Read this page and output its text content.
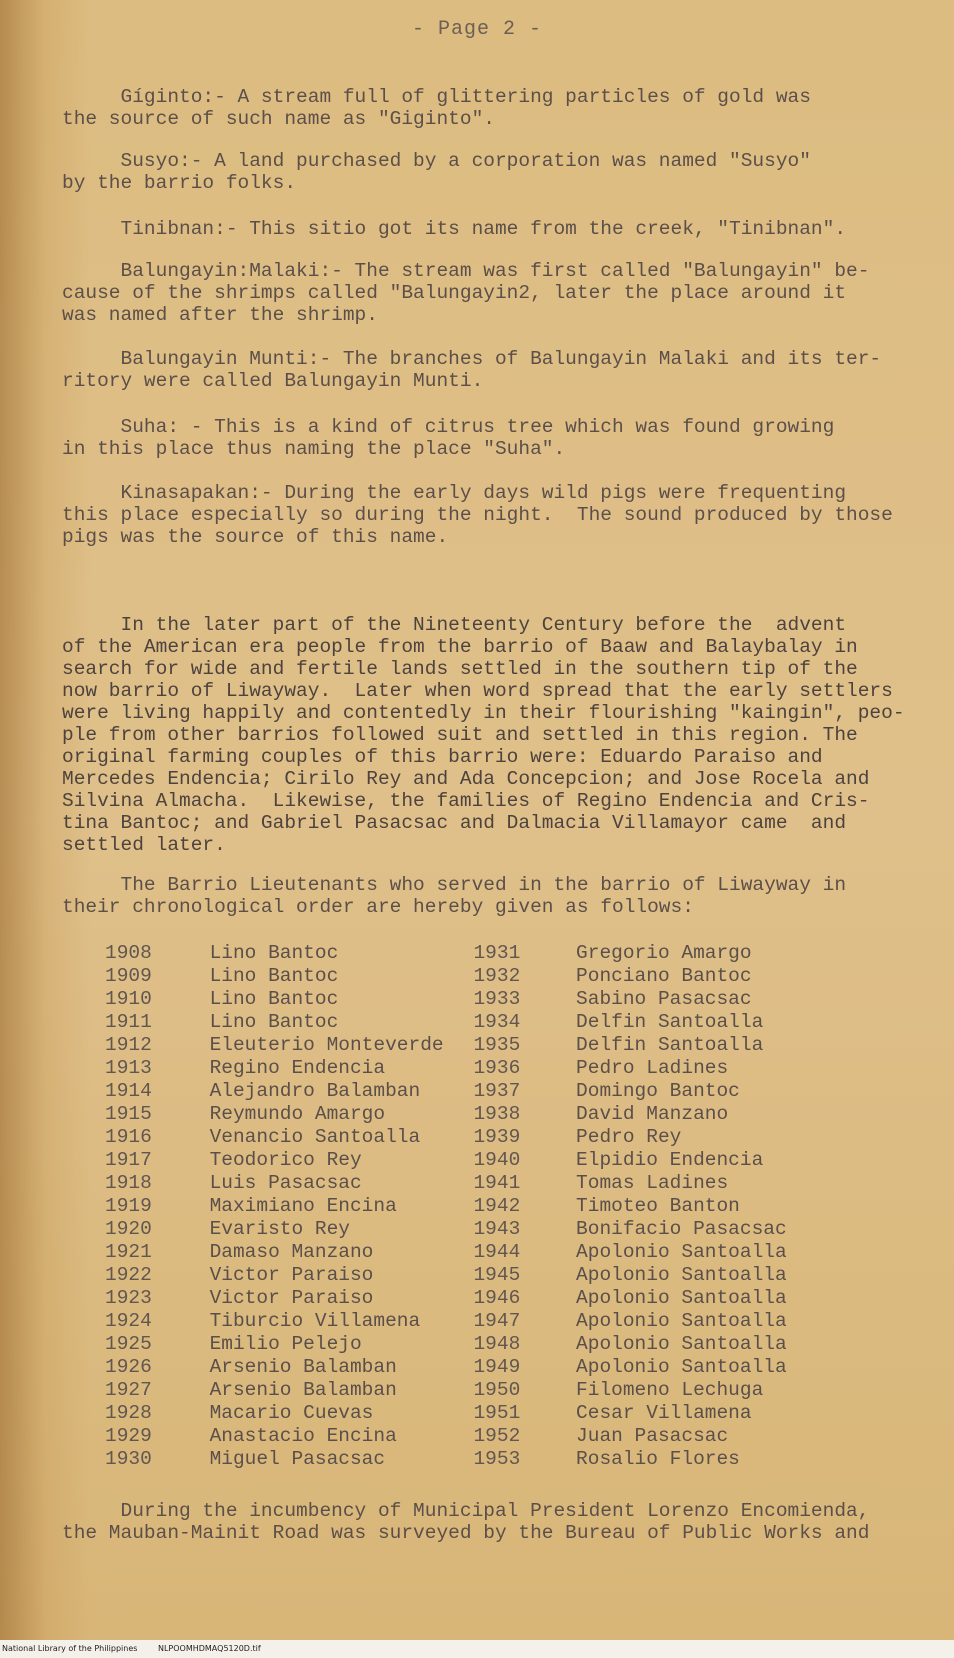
- Page 2 -
Gíginto:- A stream full of glittering particles of gold was
the source of such name as "Giginto".
Susyo:- A land purchased by a corporation was named "Susyo"
by the barrio folks.
Tinibnan:- This sitio got its name from the creek, "Tinibnan".
Balungayin:Malaki:- The stream was first called "Balungayin" be-
cause of the shrimps called "Balungayin2, later the place around it
was named after the shrimp.
Balungayin Munti:- The branches of Balungayin Malaki and its ter-
ritory were called Balungayin Munti.
Suha: - This is a kind of citrus tree which was found growing
in this place thus naming the place "Suha".
Kinasapakan:- During the early days wild pigs were frequenting
this place especially so during the night.  The sound produced by those
pigs was the source of this name.

In the later part of the Nineteenty Century before the  advent
of the American era people from the barrio of Baaw and Balaybalay in
search for wide and fertile lands settled in the southern tip of the
now barrio of Liwayway.  Later when word spread that the early settlers
were living happily and contentedly in their flourishing "kaingin", peo-
ple from other barrios followed suit and settled in this region. The
original farming couples of this barrio were: Eduardo Paraiso and
Mercedes Endencia; Cirilo Rey and Ada Concepcion; and Jose Rocela and
Silvina Almacha.  Likewise, the families of Regino Endencia and Cris-
tina Bantoc; and Gabriel Pasacsac and Dalmacia Villamayor came  and
settled later.

The Barrio Lieutenants who served in the barrio of Liwayway in
their chronological order are hereby given as follows:
1908	Lino Bantoc	1931	Gregorio Amargo
1909	Lino Bantoc	1932	Ponciano Bantoc
1910	Lino Bantoc	1933	Sabino Pasacsac
1911	Lino Bantoc	1934	Delfin Santoalla
1912	Eleuterio Monteverde	1935	Delfin Santoalla
1913	Regino Endencia	1936	Pedro Ladines
1914	Alejandro Balamban	1937	Domingo Bantoc
1915	Reymundo Amargo	1938	David Manzano
1916	Venancio Santoalla	1939	Pedro Rey
1917	Teodorico Rey	1940	Elpidio Endencia
1918	Luis Pasacsac	1941	Tomas Ladines
1919	Maximiano Encina	1942	Timoteo Banton
1920	Evaristo Rey	1943	Bonifacio Pasacsac
1921	Damaso Manzano	1944	Apolonio Santoalla
1922	Victor Paraiso	1945	Apolonio Santoalla
1923	Victor Paraiso	1946	Apolonio Santoalla
1924	Tiburcio Villamena	1947	Apolonio Santoalla
1925	Emilio Pelejo	1948	Apolonio Santoalla
1926	Arsenio Balamban	1949	Apolonio Santoalla
1927	Arsenio Balamban	1950	Filomeno Lechuga
1928	Macario Cuevas	1951	Cesar Villamena
1929	Anastacio Encina	1952	Juan Pasacsac
1930	Miguel Pasacsac	1953	Rosalio Flores
During the incumbency of Municipal President Lorenzo Encomienda,
the Mauban-Mainit Road was surveyed by the Bureau of Public Works and
National Library of the Philippines	NLPOOMHDMAQ5120D.tif
